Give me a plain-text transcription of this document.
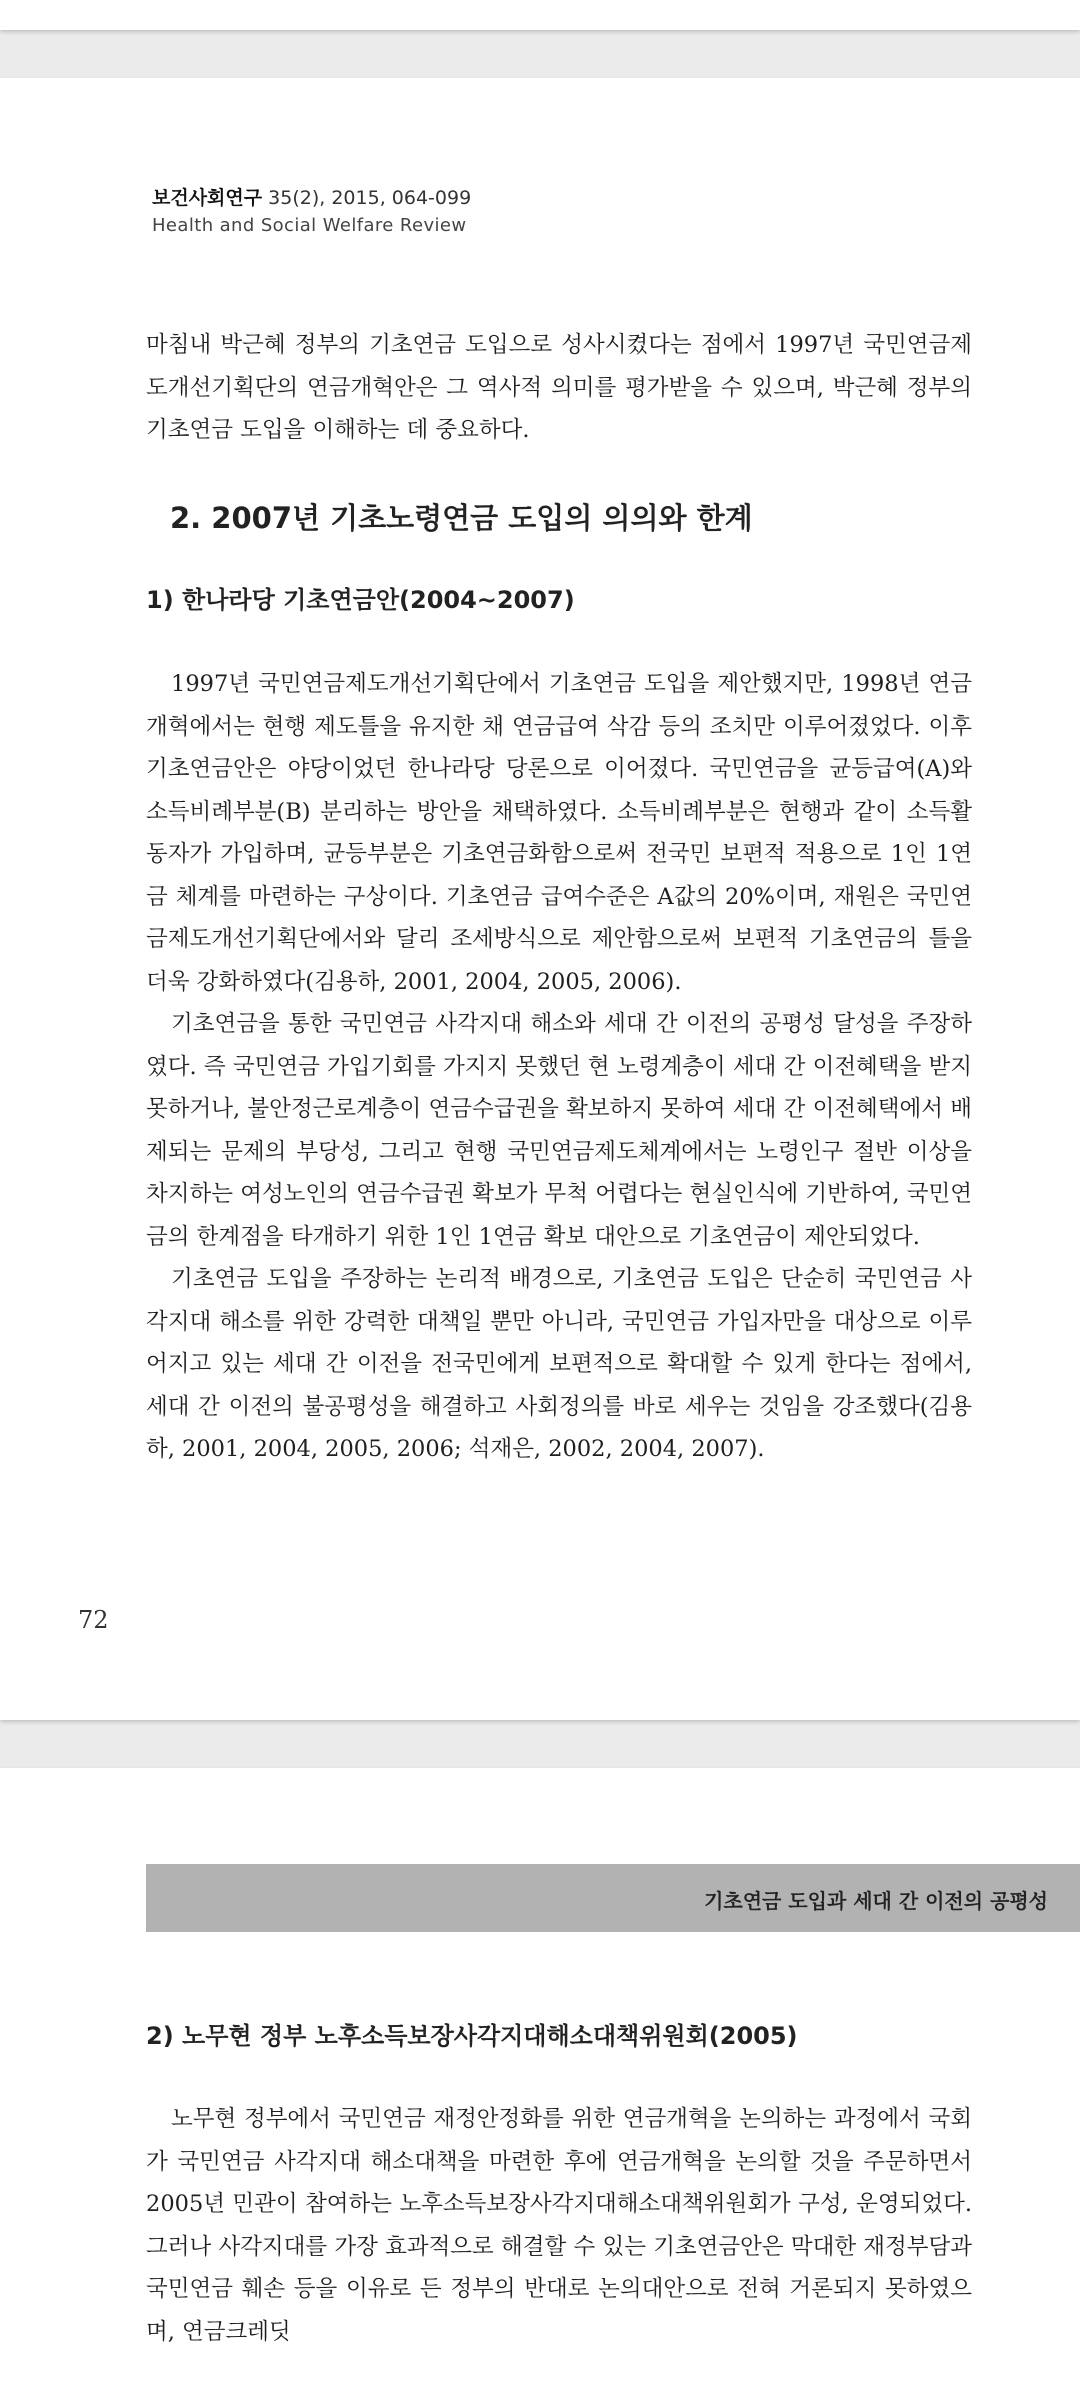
보건사회연구 35(2), 2015, 064-099
Health and Social Welfare Review
마침내 박근혜 정부의 기초연금 도입으로 성사시켰다는 점에서 1997년 국민연금제도개선기획단의 연금개혁안은 그 역사적 의미를 평가받을 수 있으며, 박근혜 정부의 기초연금 도입을 이해하는 데 중요하다.
2. 2007년 기초노령연금 도입의 의의와 한계
1) 한나라당 기초연금안(2004~2007)
1997년 국민연금제도개선기획단에서 기초연금 도입을 제안했지만, 1998년 연금개혁에서는 현행 제도틀을 유지한 채 연금급여 삭감 등의 조치만 이루어졌었다. 이후 기초연금안은 야당이었던 한나라당 당론으로 이어졌다. 국민연금을 균등급여(A)와 소득비례부분(B) 분리하는 방안을 채택하였다. 소득비례부분은 현행과 같이 소득활동자가 가입하며, 균등부분은 기초연금화함으로써 전국민 보편적 적용으로 1인 1연금 체계를 마련하는 구상이다. 기초연금 급여수준은 A값의 20%이며, 재원은 국민연금제도개선기획단에서와 달리 조세방식으로 제안함으로써 보편적 기초연금의 틀을 더욱 강화하였다(김용하, 2001, 2004, 2005, 2006).
기초연금을 통한 국민연금 사각지대 해소와 세대 간 이전의 공평성 달성을 주장하였다. 즉 국민연금 가입기회를 가지지 못했던 현 노령계층이 세대 간 이전혜택을 받지 못하거나, 불안정근로계층이 연금수급권을 확보하지 못하여 세대 간 이전혜택에서 배제되는 문제의 부당성, 그리고 현행 국민연금제도체계에서는 노령인구 절반 이상을 차지하는 여성노인의 연금수급권 확보가 무척 어렵다는 현실인식에 기반하여, 국민연금의 한계점을 타개하기 위한 1인 1연금 확보 대안으로 기초연금이 제안되었다.
기초연금 도입을 주장하는 논리적 배경으로, 기초연금 도입은 단순히 국민연금 사각지대 해소를 위한 강력한 대책일 뿐만 아니라, 국민연금 가입자만을 대상으로 이루어지고 있는 세대 간 이전을 전국민에게 보편적으로 확대할 수 있게 한다는 점에서, 세대 간 이전의 불공평성을 해결하고 사회정의를 바로 세우는 것임을 강조했다(김용하, 2001, 2004, 2005, 2006; 석재은, 2002, 2004, 2007).
72
기초연금 도입과 세대 간 이전의 공평성
2) 노무현 정부 노후소득보장사각지대해소대책위원회(2005)
노무현 정부에서 국민연금 재정안정화를 위한 연금개혁을 논의하는 과정에서 국회가 국민연금 사각지대 해소대책을 마련한 후에 연금개혁을 논의할 것을 주문하면서 2005년 민관이 참여하는 노후소득보장사각지대해소대책위원회가 구성, 운영되었다. 그러나 사각지대를 가장 효과적으로 해결할 수 있는 기초연금안은 막대한 재정부담과 국민연금 훼손 등을 이유로 든 정부의 반대로 논의대안으로 전혀 거론되지 못하였으며, 연금크레딧
